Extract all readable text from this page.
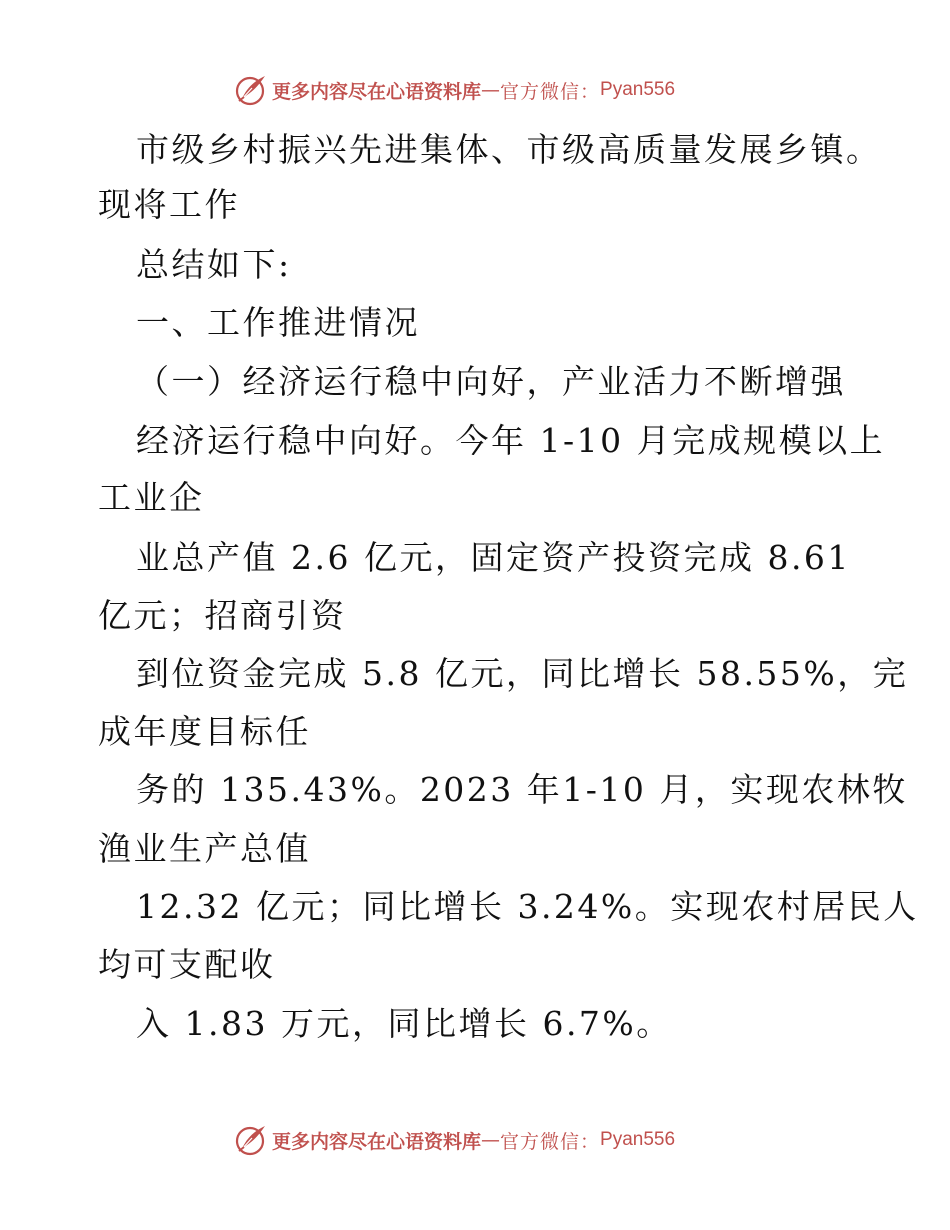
更多内容尽在心语资料库 — 官方微信： Pyan556
市级乡村振兴先进集体、市级高质量发展乡镇。
现将工作
总结如下:
一、工作推进情况
（一）经济运行稳中向好，产业活力不断增强
经济运行稳中向好。今年 1-10 月完成规模以上
工业企
业总产值 2.6 亿元，固定资产投资完成 8.61
亿元；招商引资
到位资金完成 5.8 亿元，同比增长 58.55%，完
成年度目标任
务的 135.43%。2023 年1-10 月，实现农林牧
渔业生产总值
12.32 亿元；同比增长 3.24%。实现农村居民人
均可支配收
入 1.83 万元，同比增长 6.7%。
更多内容尽在心语资料库 — 官方微信： Pyan556
